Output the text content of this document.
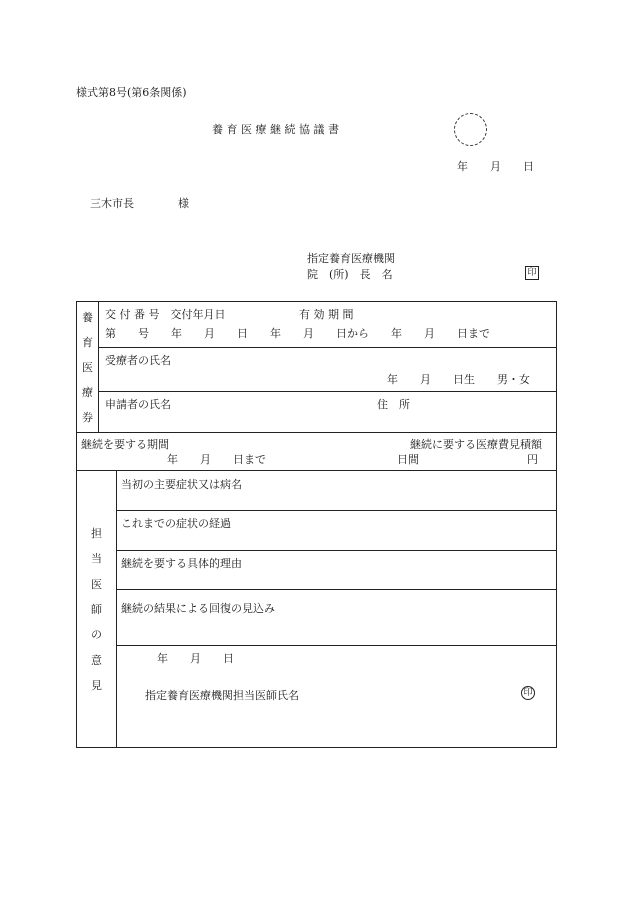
様式第8号(第6条関係)
養 育 医 療 継 続 協 議 書
年　　月　　日
三木市長　　　　様
指定養育医療機関
院　(所)　長　名	印
養
育
医
療
券
交 付 番 号　交付年月日	有 効 期 間
第　　号　　年　　月　　日　　年　　月　　日から　　年　　月　　日まで
受療者の氏名
年　　月　　日生　　男・女
申請者の氏名	住　所
継続を要する期間
年　　月　　日まで
継続に要する医療費見積額
日間	円
担
当
医
師
の
意
見
当初の主要症状又は病名
これまでの症状の経過
継続を要する具体的理由
継続の結果による回復の見込み
年　　月　　日
指定養育医療機関担当医師氏名	印
